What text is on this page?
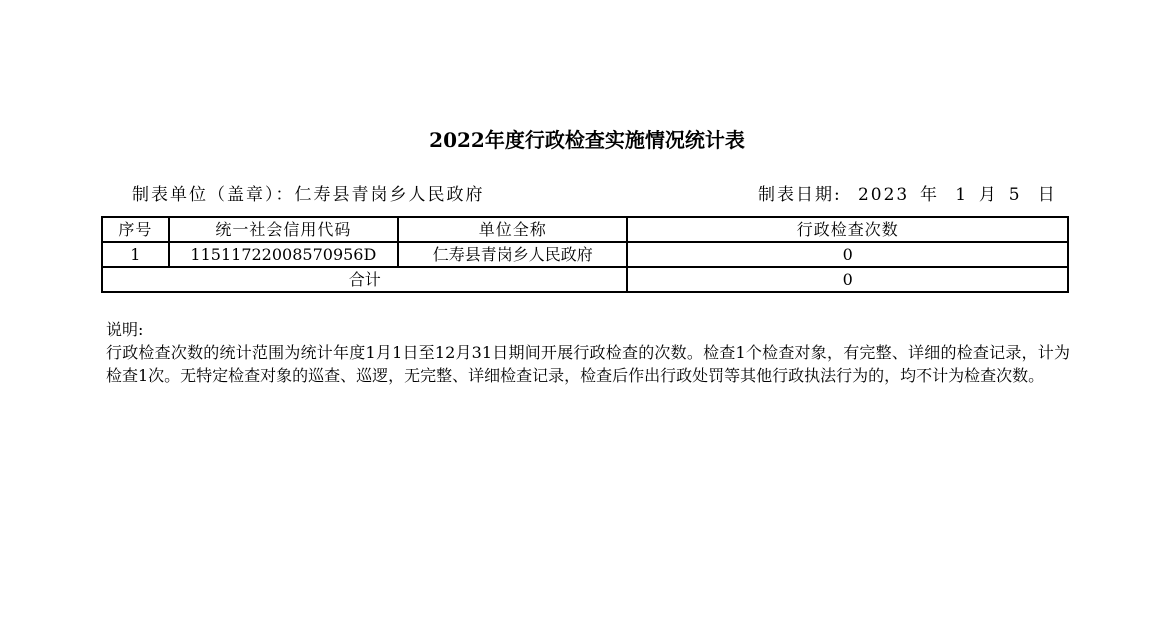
2022年度行政检查实施情况统计表
制表单位（盖章）：仁寿县青岗乡人民政府	制表日期: 2023 年 1 月 5 日
序号	统一社会信用代码	单位全称	行政检查次数
1	11511722008570956D	仁寿县青岗乡人民政府	0
合计			0
说明:
行政检查次数的统计范围为统计年度1月1日至12月31日期间开展行政检查的次数。检查1个检查对象，有完整、详细的检查记录，计为检查1次。无特定检查对象的巡查、巡逻，无完整、详细检查记录，检查后作出行政处罚等其他行政执法行为的，均不计为检查次数。
